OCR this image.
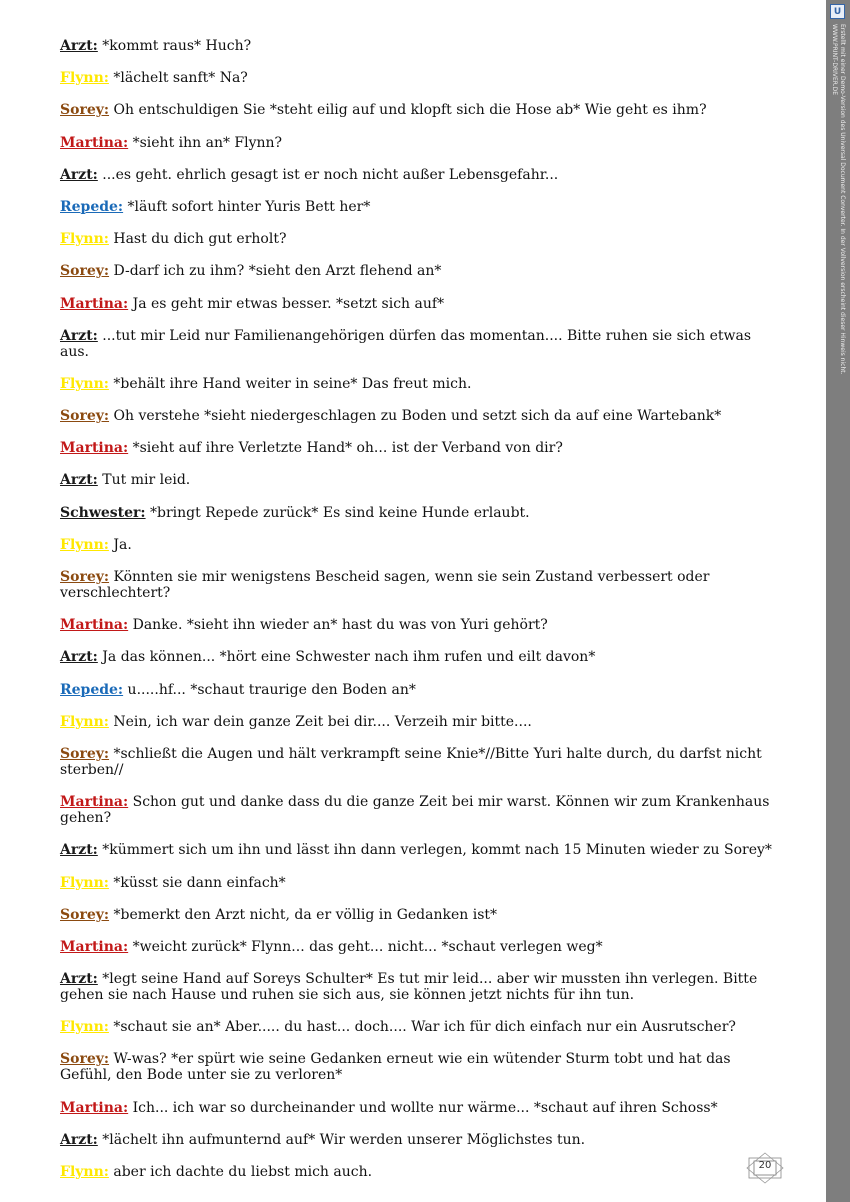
Arzt: *kommt raus* Huch?
Flynn: *lächelt sanft* Na?
Sorey: Oh entschuldigen Sie *steht eilig auf und klopft sich die Hose ab* Wie geht es ihm?
Martina: *sieht ihn an* Flynn?
Arzt: ...es geht. ehrlich gesagt ist er noch nicht außer Lebensgefahr...
Repede: *läuft sofort hinter Yuris Bett her*
Flynn: Hast du dich gut erholt?
Sorey: D-darf ich zu ihm? *sieht den Arzt flehend an*
Martina: Ja es geht mir etwas besser. *setzt sich auf*
Arzt: ...tut mir Leid nur Familienangehörigen dürfen das momentan.... Bitte ruhen sie sich etwas aus.
Flynn: *behält ihre Hand weiter in seine* Das freut mich.
Sorey: Oh verstehe *sieht niedergeschlagen zu Boden und setzt sich da auf eine Wartebank*
Martina: *sieht auf ihre Verletzte Hand* oh... ist der Verband von dir?
Arzt: Tut mir leid.
Schwester: *bringt Repede zurück* Es sind keine Hunde erlaubt.
Flynn: Ja.
Sorey: Könnten sie mir wenigstens Bescheid sagen, wenn sie sein Zustand verbessert oder verschlechtert?
Martina: Danke. *sieht ihn wieder an* hast du was von Yuri gehört?
Arzt: Ja das können... *hört eine Schwester nach ihm rufen und eilt davon*
Repede: u.....hf... *schaut traurige den Boden an*
Flynn: Nein, ich war dein ganze Zeit bei dir.... Verzeih mir bitte....
Sorey: *schließt die Augen und hält verkrampft seine Knie*//Bitte Yuri halte durch, du darfst nicht sterben//
Martina: Schon gut und danke dass du die ganze Zeit bei mir warst. Können wir zum Krankenhaus gehen?
Arzt: *kümmert sich um ihn und lässt ihn dann verlegen, kommt nach 15 Minuten wieder zu Sorey*
Flynn: *küsst sie dann einfach*
Sorey: *bemerkt den Arzt nicht, da er völlig in Gedanken ist*
Martina: *weicht zurück* Flynn... das geht... nicht... *schaut verlegen weg*
Arzt: *legt seine Hand auf Soreys Schulter* Es tut mir leid... aber wir mussten ihn verlegen. Bitte gehen sie nach Hause und ruhen sie sich aus, sie können jetzt nichts für ihn tun.
Flynn: *schaut sie an* Aber..... du hast... doch.... War ich für dich einfach nur ein Ausrutscher?
Sorey: W-was? *er spürt wie seine Gedanken erneut wie ein wütender Sturm tobt und hat das Gefühl, den Bode unter sie zu verloren*
Martina: Ich... ich war so durcheinander und wollte nur wärme... *schaut auf ihren Schoss*
Arzt: *lächelt ihn aufmunternd auf* Wir werden unserer Möglichstes tun.
Flynn: aber ich dachte du liebst mich auch.
U
Erstellt mit einer Demo-Version des Universal Document Converter. In der Vollversion erscheint dieser Hinweis nicht.
WWW.PRINT-DRIVER.DE
20
